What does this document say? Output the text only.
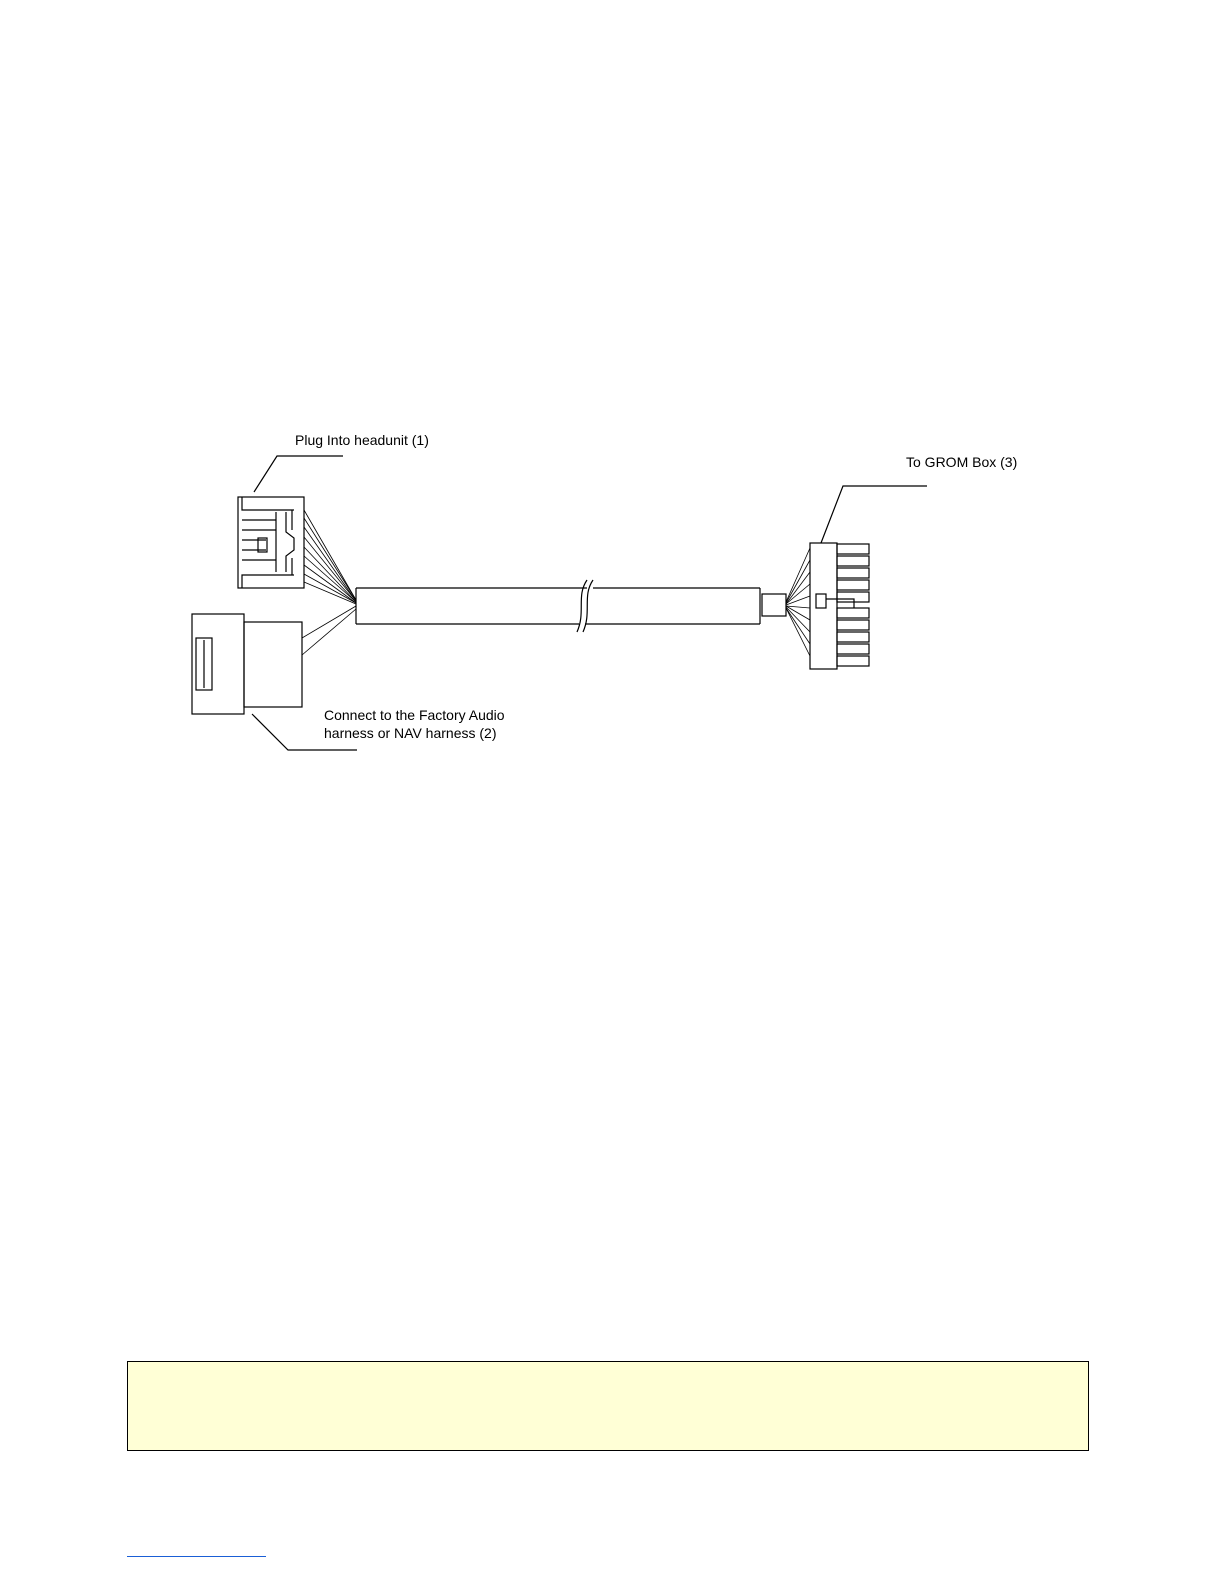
Plug Into headunit (1)
To GROM Box (3)
Connect to the Factory Audio
harness or NAV harness (2)
